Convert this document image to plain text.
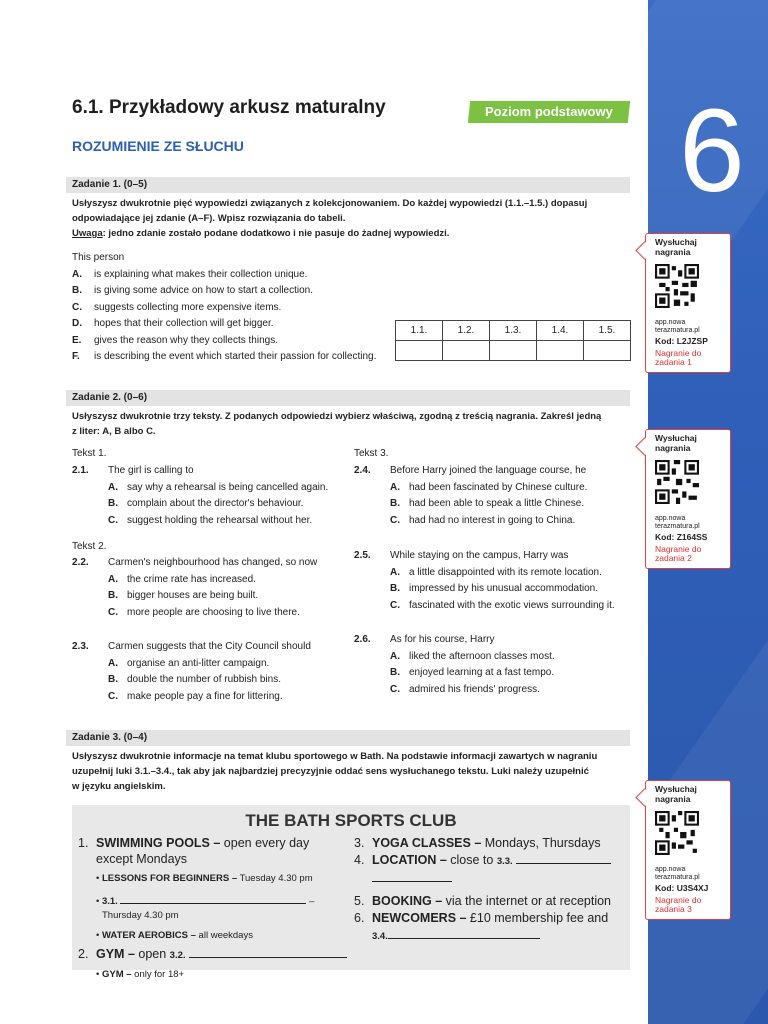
6
Wysłuchaj nagrania
app.nowa terazmatura.pl
Kod: L2JZSP
Nagranie do zadania 1
Wysłuchaj nagrania
app.nowa terazmatura.pl
Kod: Z164SS
Nagranie do zadania 2
Wysłuchaj nagrania
app.nowa terazmatura.pl
Kod: U3S4XJ
Nagranie do zadania 3
6.1. Przykładowy arkusz maturalny	Poziom podstawowy
ROZUMIENIE ZE SŁUCHU
Zadanie 1. (0–5)
Usłyszysz dwukrotnie pięć wypowiedzi związanych z kolekcjonowaniem. Do każdej wypowiedzi (1.1.–1.5.) dopasuj
odpowiadające jej zdanie (A–F). Wpisz rozwiązania do tabeli.
Uwaga: jedno zdanie zostało podane dodatkowo i nie pasuje do żadnej wypowiedzi.
This person
A.	is explaining what makes their collection unique.
B.	is giving some advice on how to start a collection.
C.	suggests collecting more expensive items.
D.	hopes that their collection will get bigger.
E.	gives the reason why they collects things.
F.	is describing the event which started their passion for collecting.
1.1.	1.2.	1.3.	1.4.	1.5.

Zadanie 2. (0–6)
Usłyszysz dwukrotnie trzy teksty. Z podanych odpowiedzi wybierz właściwą, zgodną z treścią nagrania. Zakreśl jedną
z liter: A, B albo C.
Tekst 1.	Tekst 3.
2.1.	The girl is calling to
A. say why a rehearsal is being cancelled again.
B. complain about the director's behaviour.
C. suggest holding the rehearsal without her.
Tekst 2.
2.2.	Carmen's neighbourhood has changed, so now
A. the crime rate has increased.
B. bigger houses are being built.
C. more people are choosing to live there.
2.3.	Carmen suggests that the City Council should
A. organise an anti-litter campaign.
B. double the number of rubbish bins.
C. make people pay a fine for littering.
2.4.	Before Harry joined the language course, he
A. had been fascinated by Chinese culture.
B. had been able to speak a little Chinese.
C. had had no interest in going to China.
2.5.	While staying on the campus, Harry was
A. a little disappointed with its remote location.
B. impressed by his unusual accommodation.
C. fascinated with the exotic views surrounding it.
2.6.	As for his course, Harry
A. liked the afternoon classes most.
B. enjoyed learning at a fast tempo.
C. admired his friends' progress.
Zadanie 3. (0–4)
Usłyszysz dwukrotnie informacje na temat klubu sportowego w Bath. Na podstawie informacji zawartych w nagraniu
uzupełnij luki 3.1.–3.4., tak aby jak najbardziej precyzyjnie oddać sens wysłuchanego tekstu. Luki należy uzupełnić
w języku angielskim.
THE BATH SPORTS CLUB
1. SWIMMING POOLS – open every day
except Mondays
• LESSONS FOR BEGINNERS – Tuesday 4.30 pm
• 3.1.	–
Thursday 4.30 pm
• WATER AEROBICS – all weekdays
2. GYM – open 3.2.
• GYM – only for 18+
3. YOGA CLASSES – Mondays, Thursdays
4. LOCATION – close to 3.3.

5. BOOKING – via the internet or at reception
6. NEWCOMERS – £10 membership fee and
3.4.
